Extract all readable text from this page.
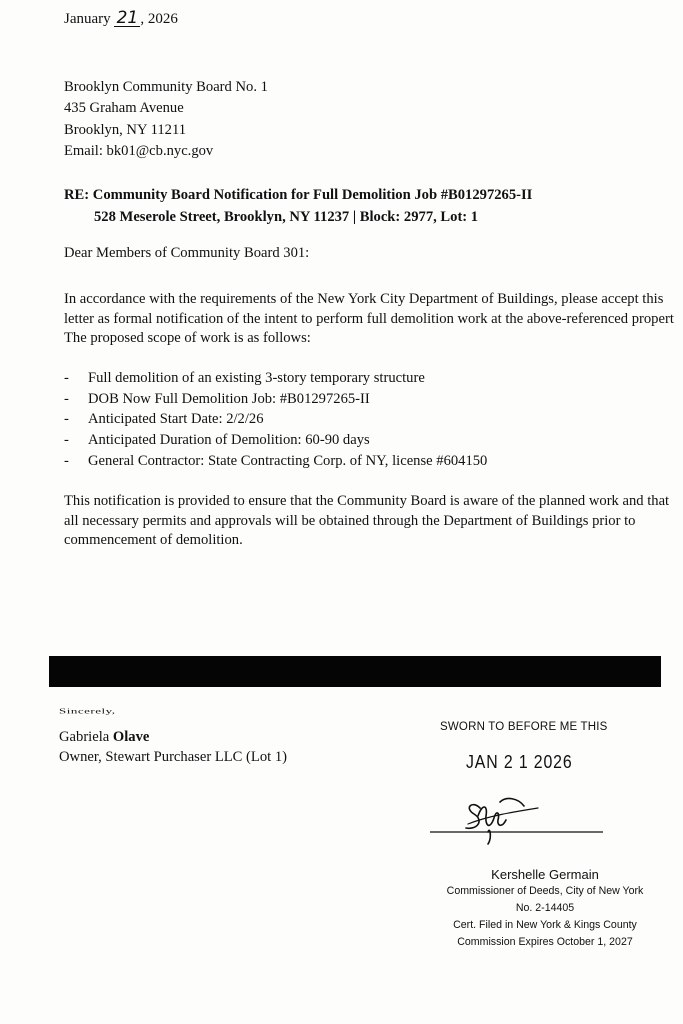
January 21 , 2026
Brooklyn Community Board No. 1
435 Graham Avenue
Brooklyn, NY 11211
Email: bk01@cb.nyc.gov
RE: Community Board Notification for Full Demolition Job #B01297265-II
528 Meserole Street, Brooklyn, NY 11237 | Block: 2977, Lot: 1
Dear Members of Community Board 301:
In accordance with the requirements of the New York City Department of Buildings, please accept this
letter as formal notification of the intent to perform full demolition work at the above-referenced propert
The proposed scope of work is as follows:
- Full demolition of an existing 3-story temporary structure
- DOB Now Full Demolition Job: #B01297265-II
- Anticipated Start Date: 2/2/26
- Anticipated Duration of Demolition: 60-90 days
- General Contractor: State Contracting Corp. of NY, license #604150
This notification is provided to ensure that the Community Board is aware of the planned work and that
all necessary permits and approvals will be obtained through the Department of Buildings prior to
commencement of demolition.
Sincerely,
Gabriela Olave
Owner, Stewart Purchaser LLC (Lot 1)
SWORN TO BEFORE ME THIS
JAN 2 1 2026
Kershelle Germain
Commissioner of Deeds, City of New York
No. 2-14405
Cert. Filed in New York & Kings County
Commission Expires October 1, 2027
